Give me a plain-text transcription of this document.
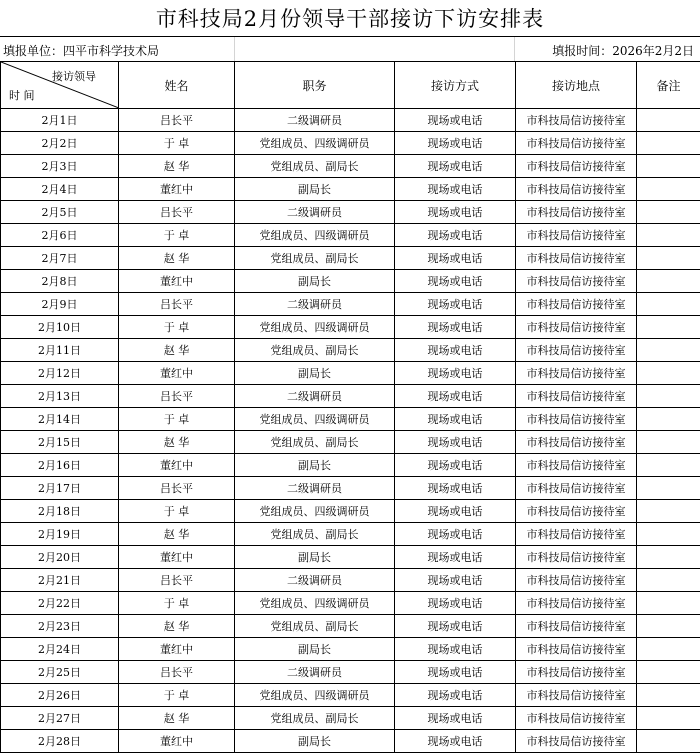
市科技局2月份领导干部接访下访安排表
填报单位：四平市科学技术局	填报时间：2026年2月2日
接访领导
时 间	姓名	职务	接访方式	接访地点	备注
2月1日	吕长平	二级调研员	现场或电话	市科技局信访接待室	
2月2日	于 卓	党组成员、四级调研员	现场或电话	市科技局信访接待室	
2月3日	赵 华	党组成员、副局长	现场或电话	市科技局信访接待室	
2月4日	董红中	副局长	现场或电话	市科技局信访接待室	
2月5日	吕长平	二级调研员	现场或电话	市科技局信访接待室	
2月6日	于 卓	党组成员、四级调研员	现场或电话	市科技局信访接待室	
2月7日	赵 华	党组成员、副局长	现场或电话	市科技局信访接待室	
2月8日	董红中	副局长	现场或电话	市科技局信访接待室	
2月9日	吕长平	二级调研员	现场或电话	市科技局信访接待室	
2月10日	于 卓	党组成员、四级调研员	现场或电话	市科技局信访接待室	
2月11日	赵 华	党组成员、副局长	现场或电话	市科技局信访接待室	
2月12日	董红中	副局长	现场或电话	市科技局信访接待室	
2月13日	吕长平	二级调研员	现场或电话	市科技局信访接待室	
2月14日	于 卓	党组成员、四级调研员	现场或电话	市科技局信访接待室	
2月15日	赵 华	党组成员、副局长	现场或电话	市科技局信访接待室	
2月16日	董红中	副局长	现场或电话	市科技局信访接待室	
2月17日	吕长平	二级调研员	现场或电话	市科技局信访接待室	
2月18日	于 卓	党组成员、四级调研员	现场或电话	市科技局信访接待室	
2月19日	赵 华	党组成员、副局长	现场或电话	市科技局信访接待室	
2月20日	董红中	副局长	现场或电话	市科技局信访接待室	
2月21日	吕长平	二级调研员	现场或电话	市科技局信访接待室	
2月22日	于 卓	党组成员、四级调研员	现场或电话	市科技局信访接待室	
2月23日	赵 华	党组成员、副局长	现场或电话	市科技局信访接待室	
2月24日	董红中	副局长	现场或电话	市科技局信访接待室	
2月25日	吕长平	二级调研员	现场或电话	市科技局信访接待室	
2月26日	于 卓	党组成员、四级调研员	现场或电话	市科技局信访接待室	
2月27日	赵 华	党组成员、副局长	现场或电话	市科技局信访接待室	
2月28日	董红中	副局长	现场或电话	市科技局信访接待室	
